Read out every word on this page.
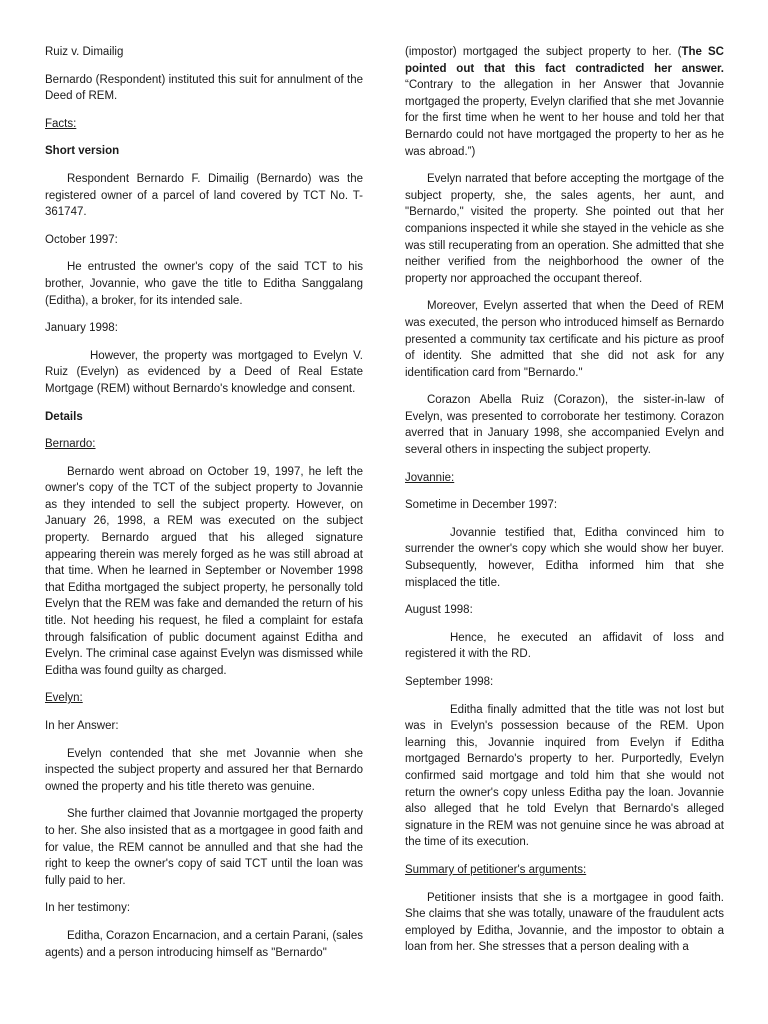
Ruiz v. Dimailig

Bernardo (Respondent) instituted this suit for annulment of the Deed of REM.

Facts:

Short version

Respondent Bernardo F. Dimailig (Bernardo) was the registered owner of a parcel of land covered by TCT No. T-361747.

October 1997:

He entrusted the owner's copy of the said TCT to his brother, Jovannie, who gave the title to Editha Sanggalang (Editha), a broker, for its intended sale.

January 1998:

However, the property was mortgaged to Evelyn V. Ruiz (Evelyn) as evidenced by a Deed of Real Estate Mortgage (REM) without Bernardo's knowledge and consent.

Details

Bernardo:

Bernardo went abroad on October 19, 1997, he left the owner's copy of the TCT of the subject property to Jovannie as they intended to sell the subject property. However, on January 26, 1998, a REM was executed on the subject property. Bernardo argued that his alleged signature appearing therein was merely forged as he was still abroad at that time. When he learned in September or November 1998 that Editha mortgaged the subject property, he personally told Evelyn that the REM was fake and demanded the return of his title. Not heeding his request, he filed a complaint for estafa through falsification of public document against Editha and Evelyn. The criminal case against Evelyn was dismissed while Editha was found guilty as charged.

Evelyn:

In her Answer:

Evelyn contended that she met Jovannie when she inspected the subject property and assured her that Bernardo owned the property and his title thereto was genuine.

She further claimed that Jovannie mortgaged the property to her. She also insisted that as a mortgagee in good faith and for value, the REM cannot be annulled and that she had the right to keep the owner's copy of said TCT until the loan was fully paid to her.

In her testimony:

Editha, Corazon Encarnacion, and a certain Parani, (sales agents) and a person introducing himself as "Bernardo"

(impostor) mortgaged the subject property to her. (The SC pointed out that this fact contradicted her answer. “Contrary to the allegation in her Answer that Jovannie mortgaged the property, Evelyn clarified that she met Jovannie for the first time when he went to her house and told her that Bernardo could not have mortgaged the property to her as he was abroad.”)

Evelyn narrated that before accepting the mortgage of the subject property, she, the sales agents, her aunt, and "Bernardo," visited the property. She pointed out that her companions inspected it while she stayed in the vehicle as she was still recuperating from an operation. She admitted that she neither verified from the neighborhood the owner of the property nor approached the occupant thereof.

Moreover, Evelyn asserted that when the Deed of REM was executed, the person who introduced himself as Bernardo presented a community tax certificate and his picture as proof of identity. She admitted that she did not ask for any identification card from "Bernardo."

Corazon Abella Ruiz (Corazon), the sister-in-law of Evelyn, was presented to corroborate her testimony. Corazon averred that in January 1998, she accompanied Evelyn and several others in inspecting the subject property.

Jovannie:

Sometime in December 1997:

Jovannie testified that, Editha convinced him to surrender the owner's copy which she would show her buyer. Subsequently, however, Editha informed him that she misplaced the title.

August 1998:

Hence, he executed an affidavit of loss and registered it with the RD.

September 1998:

Editha finally admitted that the title was not lost but was in Evelyn's possession because of the REM. Upon learning this, Jovannie inquired from Evelyn if Editha mortgaged Bernardo's property to her. Purportedly, Evelyn confirmed said mortgage and told him that she would not return the owner's copy unless Editha pay the loan. Jovannie also alleged that he told Evelyn that Bernardo's alleged signature in the REM was not genuine since he was abroad at the time of its execution.

Summary of petitioner's arguments:

Petitioner insists that she is a mortgagee in good faith. She claims that she was totally, unaware of the fraudulent acts employed by Editha, Jovannie, and the impostor to obtain a loan from her. She stresses that a person dealing with a
